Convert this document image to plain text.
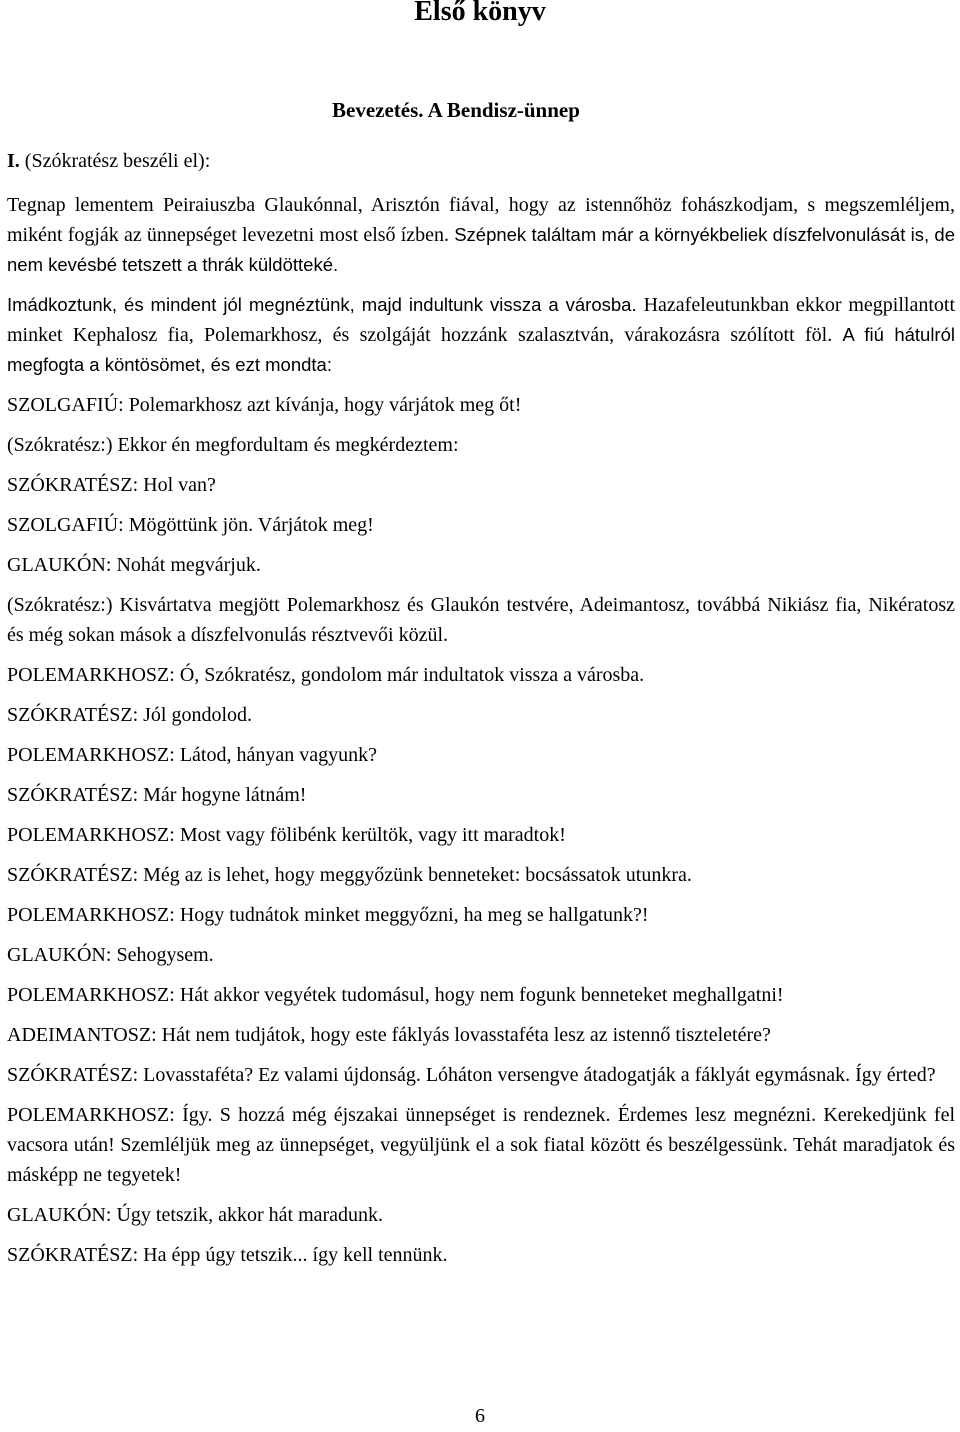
Első könyv
Bevezetés. A Bendisz-ünnep

I. (Szókratész beszéli el):

Tegnap lementem Peiraiuszba Glaukónnal, Arisztón fiával, hogy az istennőhöz fohászkodjam, s megszemléljem, miként fogják az ünnepséget levezetni most első ízben. Szépnek találtam már a környékbeliek díszfelvonulását is, de nem kevésbé tetszett a thrák küldötteké.

Imádkoztunk, és mindent jól megnéztünk, majd indultunk vissza a városba. Hazafeleutunkban ekkor megpillantott minket Kephalosz fia, Polemarkhosz, és szolgáját hozzánk szalasztván, várakozásra szólított föl. A fiú hátulról megfogta a köntösömet, és ezt mondta:

SZOLGAFIÚ: Polemarkhosz azt kívánja, hogy várjátok meg őt!

(Szókratész:) Ekkor én megfordultam és megkérdeztem:

SZÓKRATÉSZ: Hol van?

SZOLGAFIÚ: Mögöttünk jön. Várjátok meg!

GLAUKÓN: Nohát megvárjuk.

(Szókratész:) Kisvártatva megjött Polemarkhosz és Glaukón testvére, Adeimantosz, továbbá Nikiász fia, Nikératosz és még sokan mások a díszfelvonulás résztvevői közül.

POLEMARKHOSZ: Ó, Szókratész, gondolom már indultatok vissza a városba.

SZÓKRATÉSZ: Jól gondolod.

POLEMARKHOSZ: Látod, hányan vagyunk?

SZÓKRATÉSZ: Már hogyne látnám!

POLEMARKHOSZ: Most vagy fölibénk kerültök, vagy itt maradtok!

SZÓKRATÉSZ: Még az is lehet, hogy meggyőzünk benneteket: bocsássatok utunkra.

POLEMARKHOSZ: Hogy tudnátok minket meggyőzni, ha meg se hallgatunk?!

GLAUKÓN: Sehogysem.

POLEMARKHOSZ: Hát akkor vegyétek tudomásul, hogy nem fogunk benneteket meghallgatni!

ADEIMANTOSZ: Hát nem tudjátok, hogy este fáklyás lovasstaféta lesz az istennő tiszteletére?

SZÓKRATÉSZ: Lovasstaféta? Ez valami újdonság. Lóháton versengve átadogatják a fáklyát egymásnak. Így érted?

POLEMARKHOSZ: Így. S hozzá még éjszakai ünnepséget is rendeznek. Érdemes lesz megnézni. Kerekedjünk fel vacsora után! Szemléljük meg az ünnepséget, vegyüljünk el a sok fiatal között és beszélgessünk. Tehát maradjatok és másképp ne tegyetek!

GLAUKÓN: Úgy tetszik, akkor hát maradunk.

SZÓKRATÉSZ: Ha épp úgy tetszik... így kell tennünk.

6
